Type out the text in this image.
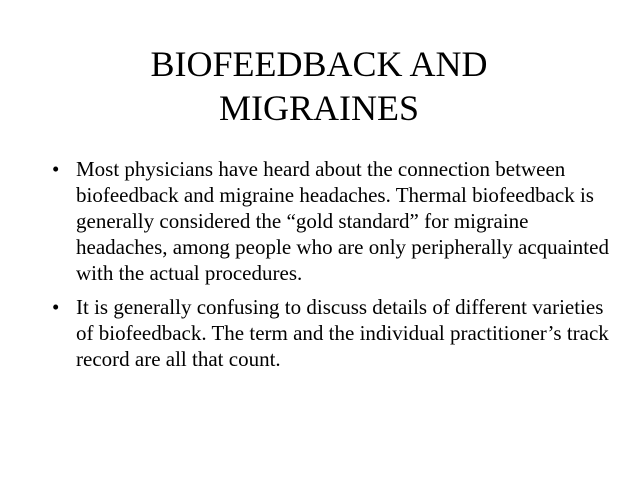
BIOFEEDBACK AND
MIGRAINES
• Most physicians have heard about the connection between biofeedback and migraine headaches. Thermal biofeedback is generally considered the “gold standard” for migraine headaches, among people who are only peripherally acquainted with the actual procedures.
• It is generally confusing to discuss details of different varieties of biofeedback. The term and the individual practitioner’s track record are all that count.
